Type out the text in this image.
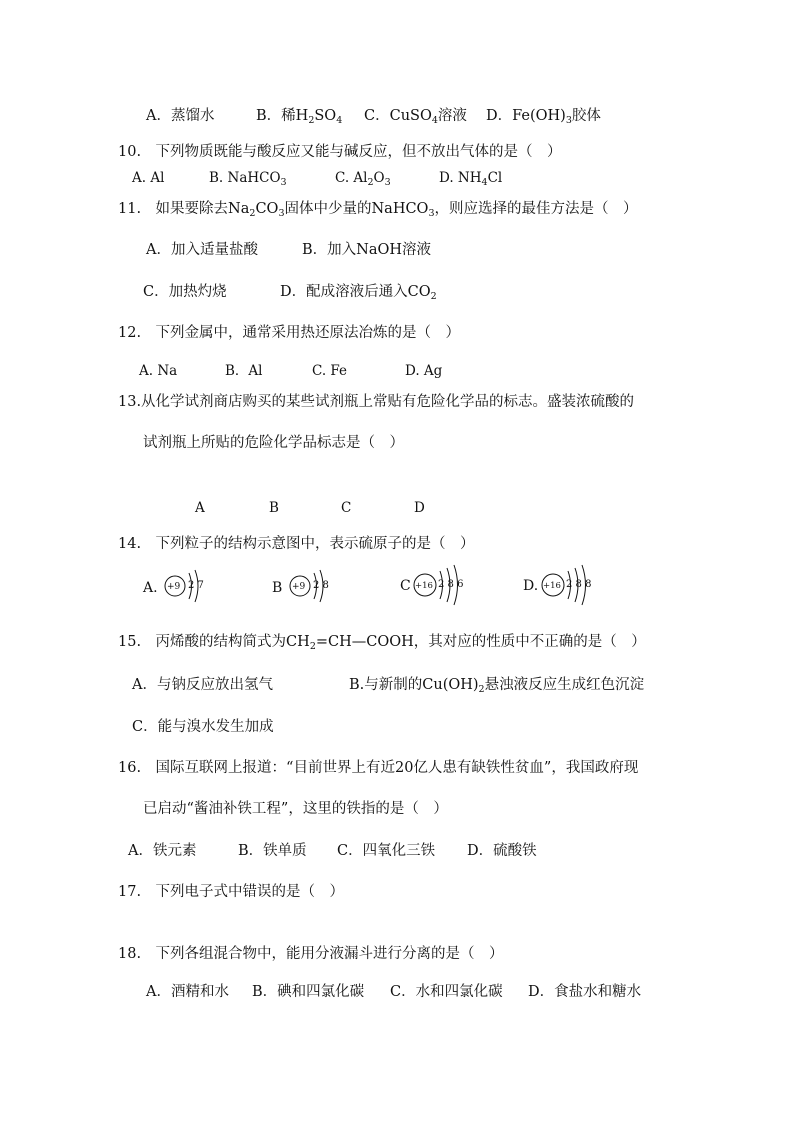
A．蒸馏水	B．稀$H_2SO_4$ C．CuSO$_4$溶液 D．$Fe(OH)_3$胶体
10.　下列物质既能与酸反应又能与碱反应，但不放出气体的是（　）
A. Al	B. NaHCO$_3$	C. $Al_2O_3$	D. $NH_4Cl$
11.　如果要除去$Na_2CO_3$固体中少量的NaHCO$_3$，则应选择的最佳方法是（　）
A．加入适量盐酸	B．加入NaOH溶液
C．加热灼烧	D．配成溶液后通入$CO_2$
12.　下列金属中，通常采用热还原法冶炼的是（　）
A. Na	B．Al	C. Fe	D. Ag
13.从化学试剂商店购买的某些试剂瓶上常贴有危险化学品的标志。盛装浓硫酸的
试剂瓶上所贴的危险化学品标志是（　）
A	B	C	D
14.　下列粒子的结构示意图中，表示硫原子的是（　）
A. +9 2 7	B +9 2 8	C +16 2 8 6	D. +16 2 8 8
15.　丙烯酸的结构简式为$CH_2=CH—COOH$，其对应的性质中不正确的是（　）
A．与钠反应放出氢气	B.与新制的$Cu(OH)_2$悬浊液反应生成红色沉淀
C．能与溴水发生加成
16.　国际互联网上报道：“目前世界上有近20亿人患有缺铁性贫血”，我国政府现
已启动“酱油补铁工程”，这里的铁指的是（　）
A．铁元素	B．铁单质 C．四氧化三铁 D．硫酸铁
17.　下列电子式中错误的是（　）
18.　下列各组混合物中，能用分液漏斗进行分离的是（　）
A．酒精和水 B．碘和四氯化碳 C．水和四氯化碳 D．食盐水和糖水
